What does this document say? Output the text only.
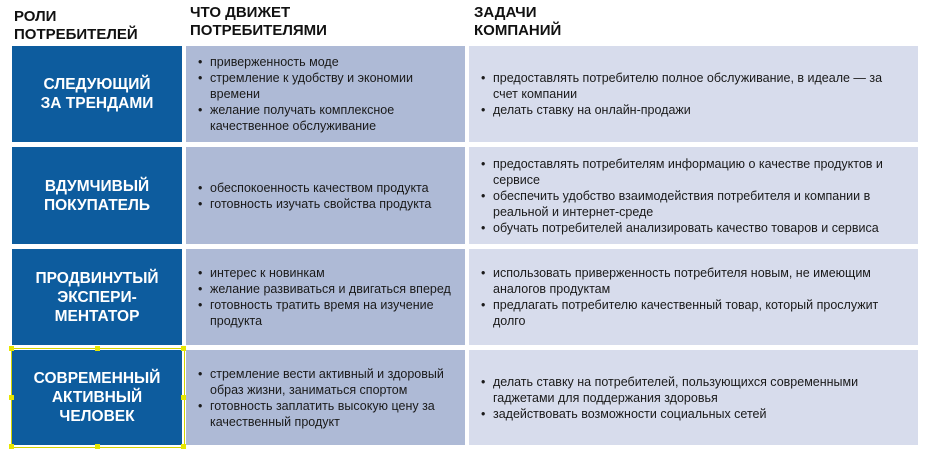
РОЛИ
ПОТРЕБИТЕЛЕЙ
ЧТО ДВИЖЕТ
ПОТРЕБИТЕЛЯМИ
ЗАДАЧИ
КОМПАНИЙ
СЛЕДУЮЩИЙ
ЗА ТРЕНДАМИ
• приверженность моде
• стремление к удобству и экономии времени
• желание получать комплексное качественное обслуживание
• предоставлять потребителю полное обслуживание, в идеале — за счет компании
• делать ставку на онлайн-продажи
ВДУМЧИВЫЙ
ПОКУПАТЕЛЬ
• обеспокоенность качеством продукта
• готовность изучать свойства продукта
• предоставлять потребителям информацию о качестве продуктов и сервисе
• обеспечить удобство взаимодействия потребителя и компании в реальной и интернет-среде
• обучать потребителей анализировать качество товаров и сервиса
ПРОДВИНУТЫЙ
ЭКСПЕРИ-
МЕНТАТОР
• интерес к новинкам
• желание развиваться и двигаться вперед
• готовность тратить время на изучение продукта
• использовать приверженность потребителя новым, не имеющим аналогов продуктам
• предлагать потребителю качественный товар, который прослужит долго
СОВРЕМЕННЫЙ
АКТИВНЫЙ
ЧЕЛОВЕК
• стремление вести активный и здоровый образ жизни, заниматься спортом
• готовность заплатить высокую цену за качественный продукт
• делать ставку на потребителей, пользующихся современными гаджетами для поддержания здоровья
• задействовать возможности социальных сетей
